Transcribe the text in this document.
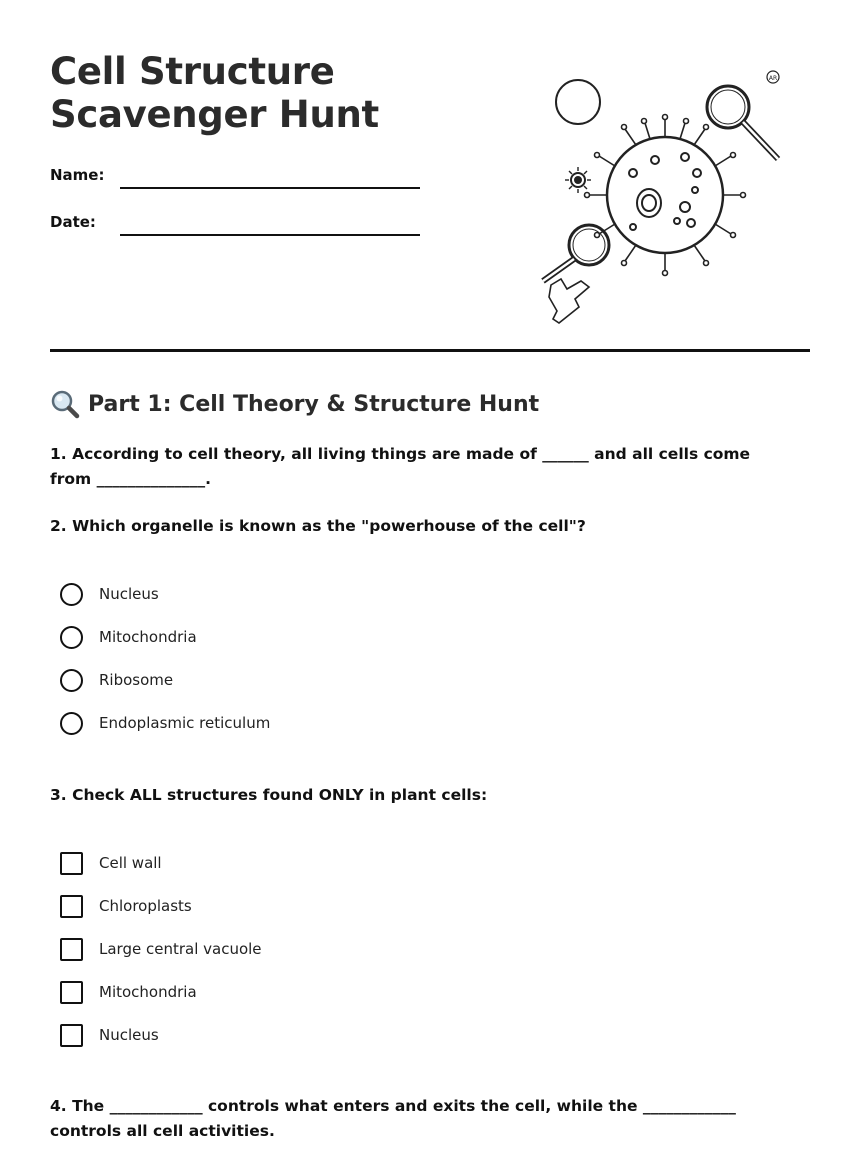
Cell Structure Scavenger Hunt
Name:
Date:
AR
Part 1: Cell Theory & Structure Hunt

1. According to cell theory, all living things are made of ______ and all cells come from ______________.

2. Which organelle is known as the "powerhouse of the cell"?

Nucleus
Mitochondria
Ribosome
Endoplasmic reticulum

3. Check ALL structures found ONLY in plant cells:

Cell wall
Chloroplasts
Large central vacuole
Mitochondria
Nucleus

4. The ____________ controls what enters and exits the cell, while the ____________ controls all cell activities.
